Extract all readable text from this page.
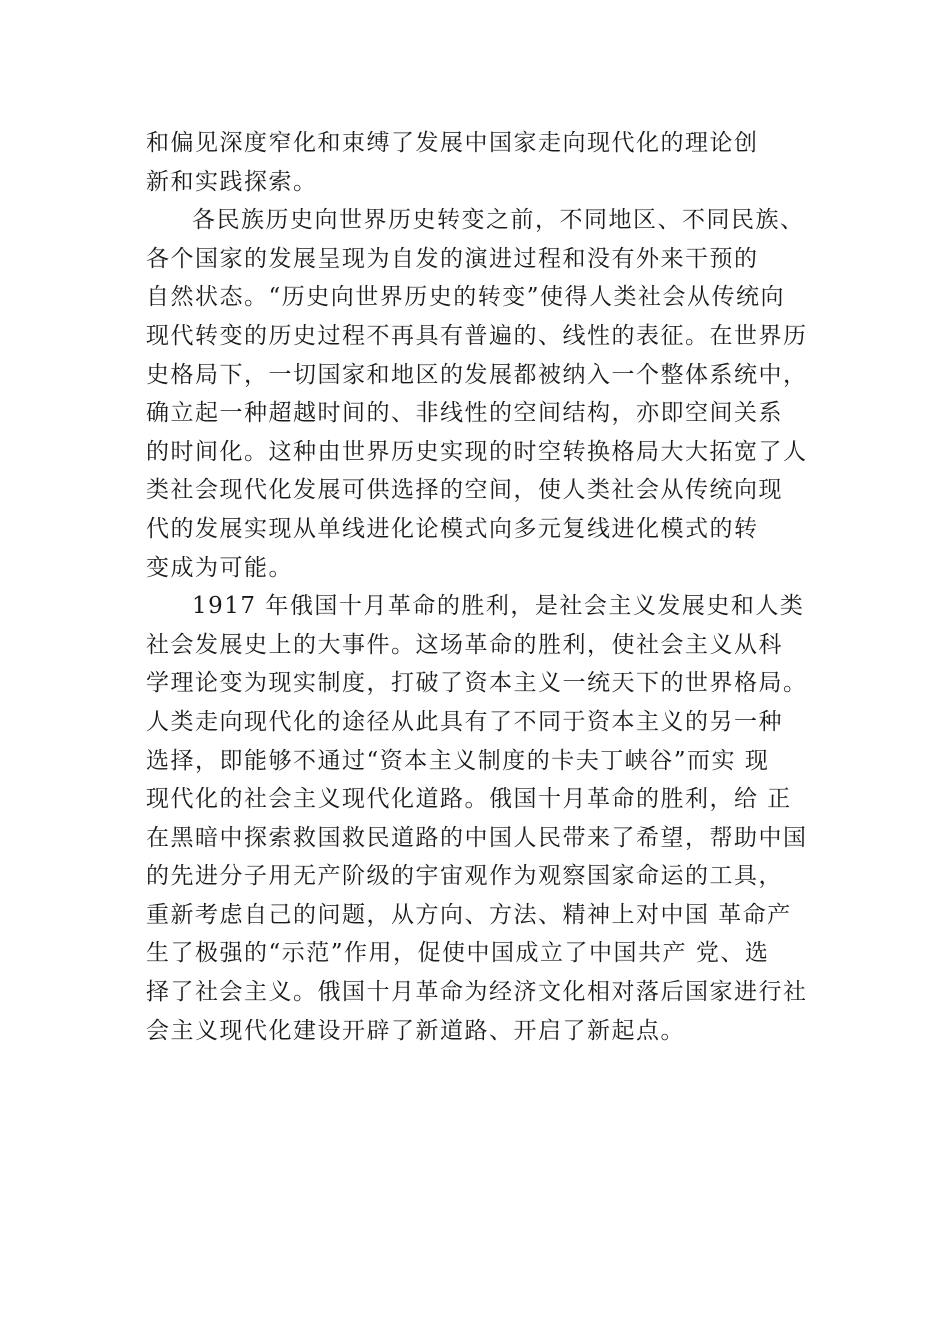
和偏见深度窄化和束缚了发展中国家走向现代化的理论创
新和实践探索。
各民族历史向世界历史转变之前，不同地区、不同民族、
各个国家的发展呈现为自发的演进过程和没有外来干预的
自然状态。“历史向世界历史的转变”使得人类社会从传统向
现代转变的历史过程不再具有普遍的、线性的表征。在世界历
史格局下，一切国家和地区的发展都被纳入一个整体系统中，
确立起一种超越时间的、非线性的空间结构，亦即空间关系
的时间化。这种由世界历史实现的时空转换格局大大拓宽了人
类社会现代化发展可供选择的空间，使人类社会从传统向现
代的发展实现从单线进化论模式向多元复线进化模式的转
变成为可能。
1917 年俄国十月革命的胜利，是社会主义发展史和人类
社会发展史上的大事件。这场革命的胜利，使社会主义从科
学理论变为现实制度，打破了资本主义一统天下的世界格局。
人类走向现代化的途径从此具有了不同于资本主义的另一种
选择，即能够不通过“资本主义制度的卡夫丁峡谷”而实 现
现代化的社会主义现代化道路。俄国十月革命的胜利，给 正
在黑暗中探索救国救民道路的中国人民带来了希望，帮助中国
的先进分子用无产阶级的宇宙观作为观察国家命运的工具，
重新考虑自己的问题，从方向、方法、精神上对中国 革命产
生了极强的“示范”作用，促使中国成立了中国共产 党、选
择了社会主义。俄国十月革命为经济文化相对落后国家进行社
会主义现代化建设开辟了新道路、开启了新起点。
